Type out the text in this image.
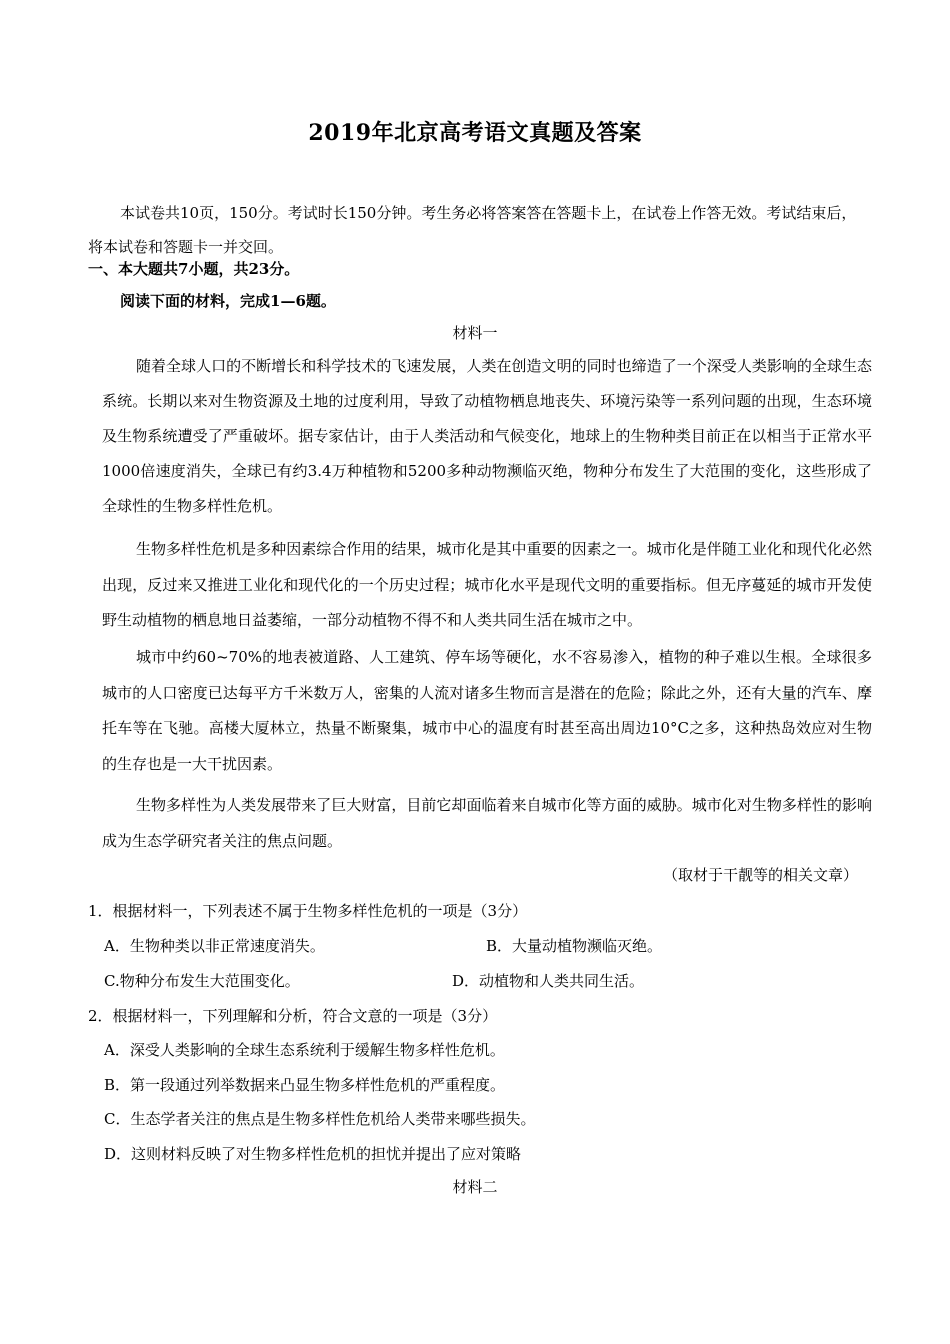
2019年北京高考语文真题及答案
本试卷共10页，150分。考试时长150分钟。考生务必将答案答在答题卡上，在试卷上作答无效。考试结束后，将本试卷和答题卡一并交回。
一、本大题共7小题，共23分。
阅读下面的材料，完成1—6题。
材料一
随着全球人口的不断增长和科学技术的飞速发展，人类在创造文明的同时也缔造了一个深受人类影响的全球生态系统。长期以来对生物资源及土地的过度利用，导致了动植物栖息地丧失、环境污染等一系列问题的出现，生态环境及生物系统遭受了严重破坏。据专家估计，由于人类活动和气候变化，地球上的生物种类目前正在以相当于正常水平1000倍速度消失，全球已有约3.4万种植物和5200多种动物濒临灭绝，物种分布发生了大范围的变化，这些形成了全球性的生物多样性危机。
生物多样性危机是多种因素综合作用的结果，城市化是其中重要的因素之一。城市化是伴随工业化和现代化必然出现，反过来又推进工业化和现代化的一个历史过程；城市化水平是现代文明的重要指标。但无序蔓延的城市开发使野生动植物的栖息地日益萎缩，一部分动植物不得不和人类共同生活在城市之中。
城市中约60~70%的地表被道路、人工建筑、停车场等硬化，水不容易渗入，植物的种子难以生根。全球很多城市的人口密度已达每平方千米数万人，密集的人流对诸多生物而言是潜在的危险；除此之外，还有大量的汽车、摩托车等在飞驰。高楼大厦林立，热量不断聚集，城市中心的温度有时甚至高出周边10°C之多，这种热岛效应对生物的生存也是一大干扰因素。
生物多样性为人类发展带来了巨大财富，目前它却面临着来自城市化等方面的威胁。城市化对生物多样性的影响成为生态学研究者关注的焦点问题。
（取材于干靓等的相关文章）
1．根据材料一，下列表述不属于生物多样性危机的一项是（3分）
A．生物种类以非正常速度消失。	B．大量动植物濒临灭绝。
C.物种分布发生大范围变化。	D．动植物和人类共同生活。
2．根据材料一，下列理解和分析，符合文意的一项是（3分）
A．深受人类影响的全球生态系统利于缓解生物多样性危机。
B．第一段通过列举数据来凸显生物多样性危机的严重程度。
C．生态学者关注的焦点是生物多样性危机给人类带来哪些损失。
D．这则材料反映了对生物多样性危机的担忧并提出了应对策略
材料二
